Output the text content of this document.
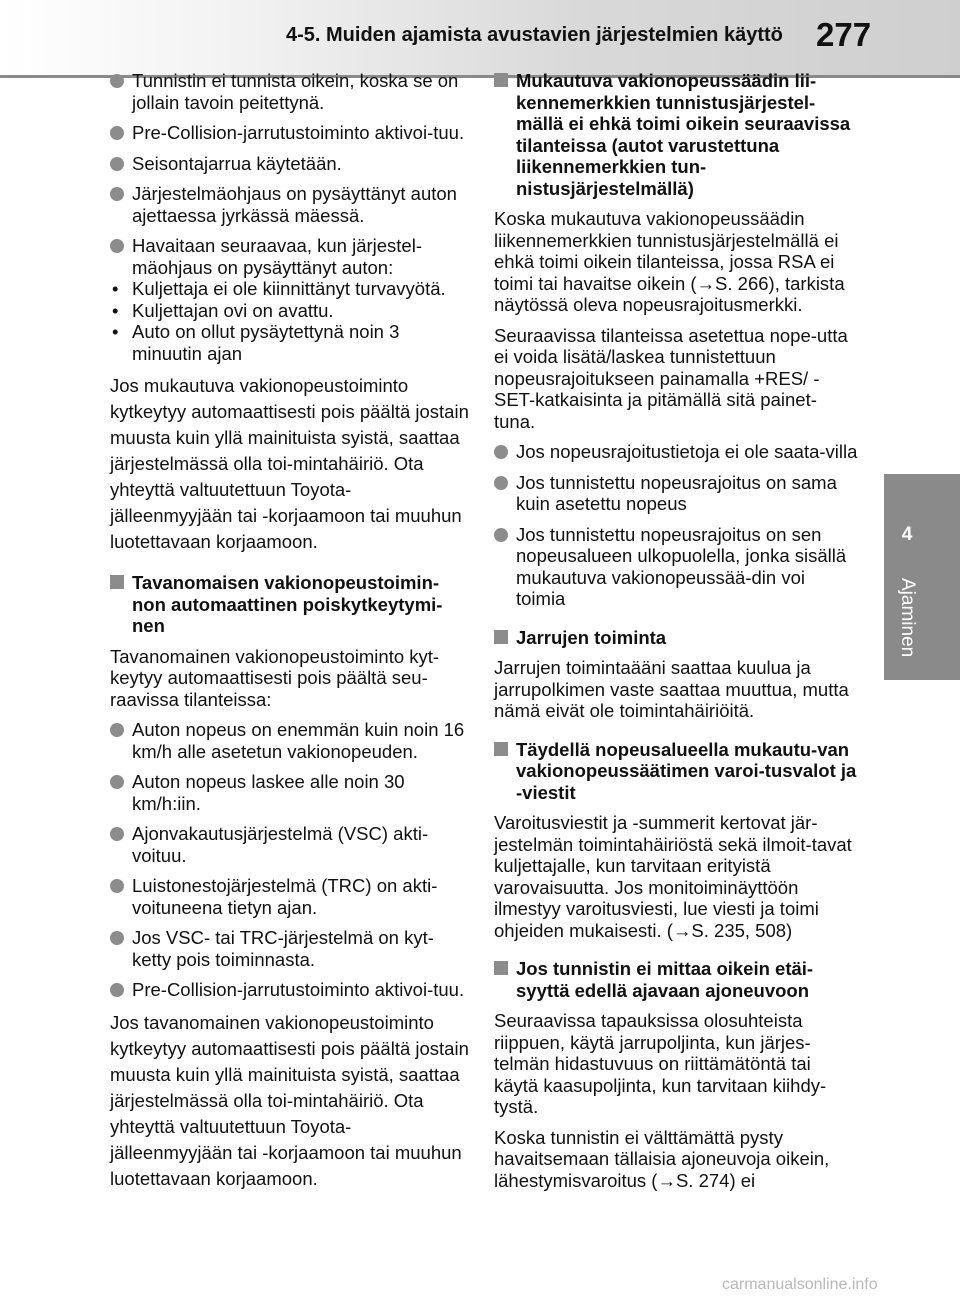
4-5. Muiden ajamista avustavien järjestelmien käyttö 277
4
Ajaminen
Tunnistin ei tunnista oikein, koska se on jollain tavoin peitettynä.
Pre-Collision-jarrutustoiminto aktivoi-tuu.
Seisontajarrua käytetään.
Järjestelmäohjaus on pysäyttänyt auton ajettaessa jyrkässä mäessä.
Havaitaan seuraavaa, kun järjestel-mäohjaus on pysäyttänyt auton:
• Kuljettaja ei ole kiinnittänyt turvavyötä.
• Kuljettajan ovi on avattu.
• Auto on ollut pysäytettynä noin 3 minuutin ajan
Jos mukautuva vakionopeustoiminto kytkeytyy automaattisesti pois päältä jostain muusta kuin yllä mainituista syistä, saattaa järjestelmässä olla toi-mintahäiriö. Ota yhteyttä valtuutettuun Toyota-jälleenmyyjään tai -korjaamoon tai muuhun luotettavaan korjaamoon.
Tavanomaisen vakionopeustoimin-non automaattinen poiskytkeytymi-nen
Tavanomainen vakionopeustoiminto kyt-keytyy automaattisesti pois päältä seu-raavissa tilanteissa:
Auton nopeus on enemmän kuin noin 16 km/h alle asetetun vakionopeuden.
Auton nopeus laskee alle noin 30 km/h:iin.
Ajonvakautusjärjestelmä (VSC) akti-voituu.
Luistonestojärjestelmä (TRC) on akti-voituneena tietyn ajan.
Jos VSC- tai TRC-järjestelmä on kyt-ketty pois toiminnasta.
Pre-Collision-jarrutustoiminto aktivoi-tuu.
Jos tavanomainen vakionopeustoiminto kytkeytyy automaattisesti pois päältä jostain muusta kuin yllä mainituista syistä, saattaa järjestelmässä olla toi-mintahäiriö. Ota yhteyttä valtuutettuun Toyota-jälleenmyyjään tai -korjaamoon tai muuhun luotettavaan korjaamoon.
Mukautuva vakionopeussäädin lii-kennemerkkien tunnistusjärjestel-mällä ei ehkä toimi oikein seuraavissa tilanteissa (autot varustettuna liikennemerkkien tun-nistusjärjestelmällä)
Koska mukautuva vakionopeussäädin liikennemerkkien tunnistusjärjestelmällä ei ehkä toimi oikein tilanteissa, jossa RSA ei toimi tai havaitse oikein (→S. 266), tarkista näytössä oleva nopeusrajoitusmerkki.
Seuraavissa tilanteissa asetettua nope-utta ei voida lisätä/laskea tunnistettuun nopeusrajoitukseen painamalla +RES/ -SET-katkaisinta ja pitämällä sitä painet-tuna.
Jos nopeusrajoitustietoja ei ole saata-villa
Jos tunnistettu nopeusrajoitus on sama kuin asetettu nopeus
Jos tunnistettu nopeusrajoitus on sen nopeusalueen ulkopuolella, jonka sisällä mukautuva vakionopeussää-din voi toimia
Jarrujen toiminta
Jarrujen toimintaääni saattaa kuulua ja jarrupolkimen vaste saattaa muuttua, mutta nämä eivät ole toimintahäiriöitä.
Täydellä nopeusalueella mukautu-van vakionopeussäätimen varoi-tusvalot ja -viestit
Varoitusviestit ja -summerit kertovat jär-jestelmän toimintahäiriöstä sekä ilmoit-tavat kuljettajalle, kun tarvitaan erityistä varovaisuutta. Jos monitoiminäyttöön ilmestyy varoitusviesti, lue viesti ja toimi ohjeiden mukaisesti. (→S. 235, 508)
Jos tunnistin ei mittaa oikein etäi-syyttä edellä ajavaan ajoneuvoon
Seuraavissa tapauksissa olosuhteista riippuen, käytä jarrupoljinta, kun järjes-telmän hidastuvuus on riittämätöntä tai käytä kaasupoljinta, kun tarvitaan kiihdy-tystä.
Koska tunnistin ei välttämättä pysty havaitsemaan tällaisia ajoneuvoja oikein, lähestymisvaroitus (→S. 274) ei
carmanualsonline.info
